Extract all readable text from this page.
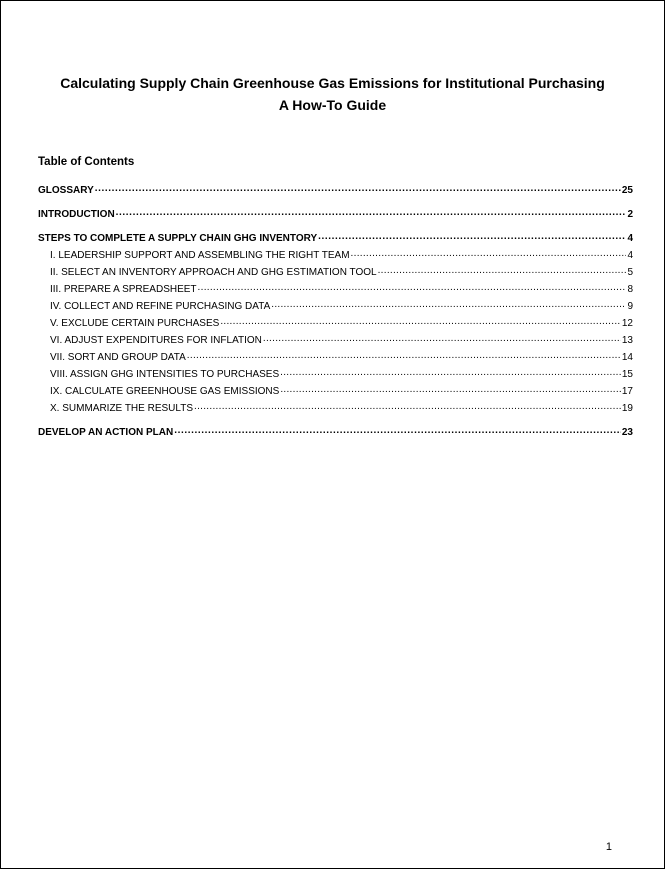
Calculating Supply Chain Greenhouse Gas Emissions for Institutional Purchasing
A How-To Guide
Table of Contents
GLOSSARY .....	25
INTRODUCTION .....	2
STEPS TO COMPLETE A SUPPLY CHAIN GHG INVENTORY .....	4
I. LEADERSHIP SUPPORT AND ASSEMBLING THE RIGHT TEAM .....	4
II. SELECT AN INVENTORY APPROACH AND GHG ESTIMATION TOOL .....	5
III. PREPARE A SPREADSHEET .....	8
IV. COLLECT AND REFINE PURCHASING DATA .....	9
V. EXCLUDE CERTAIN PURCHASES .....	12
VI. ADJUST EXPENDITURES FOR INFLATION .....	13
VII. SORT AND GROUP DATA .....	14
VIII. ASSIGN GHG INTENSITIES TO PURCHASES .....	15
IX. CALCULATE GREENHOUSE GAS EMISSIONS .....	17
X. SUMMARIZE THE RESULTS .....	19
DEVELOP AN ACTION PLAN .....	23
1
